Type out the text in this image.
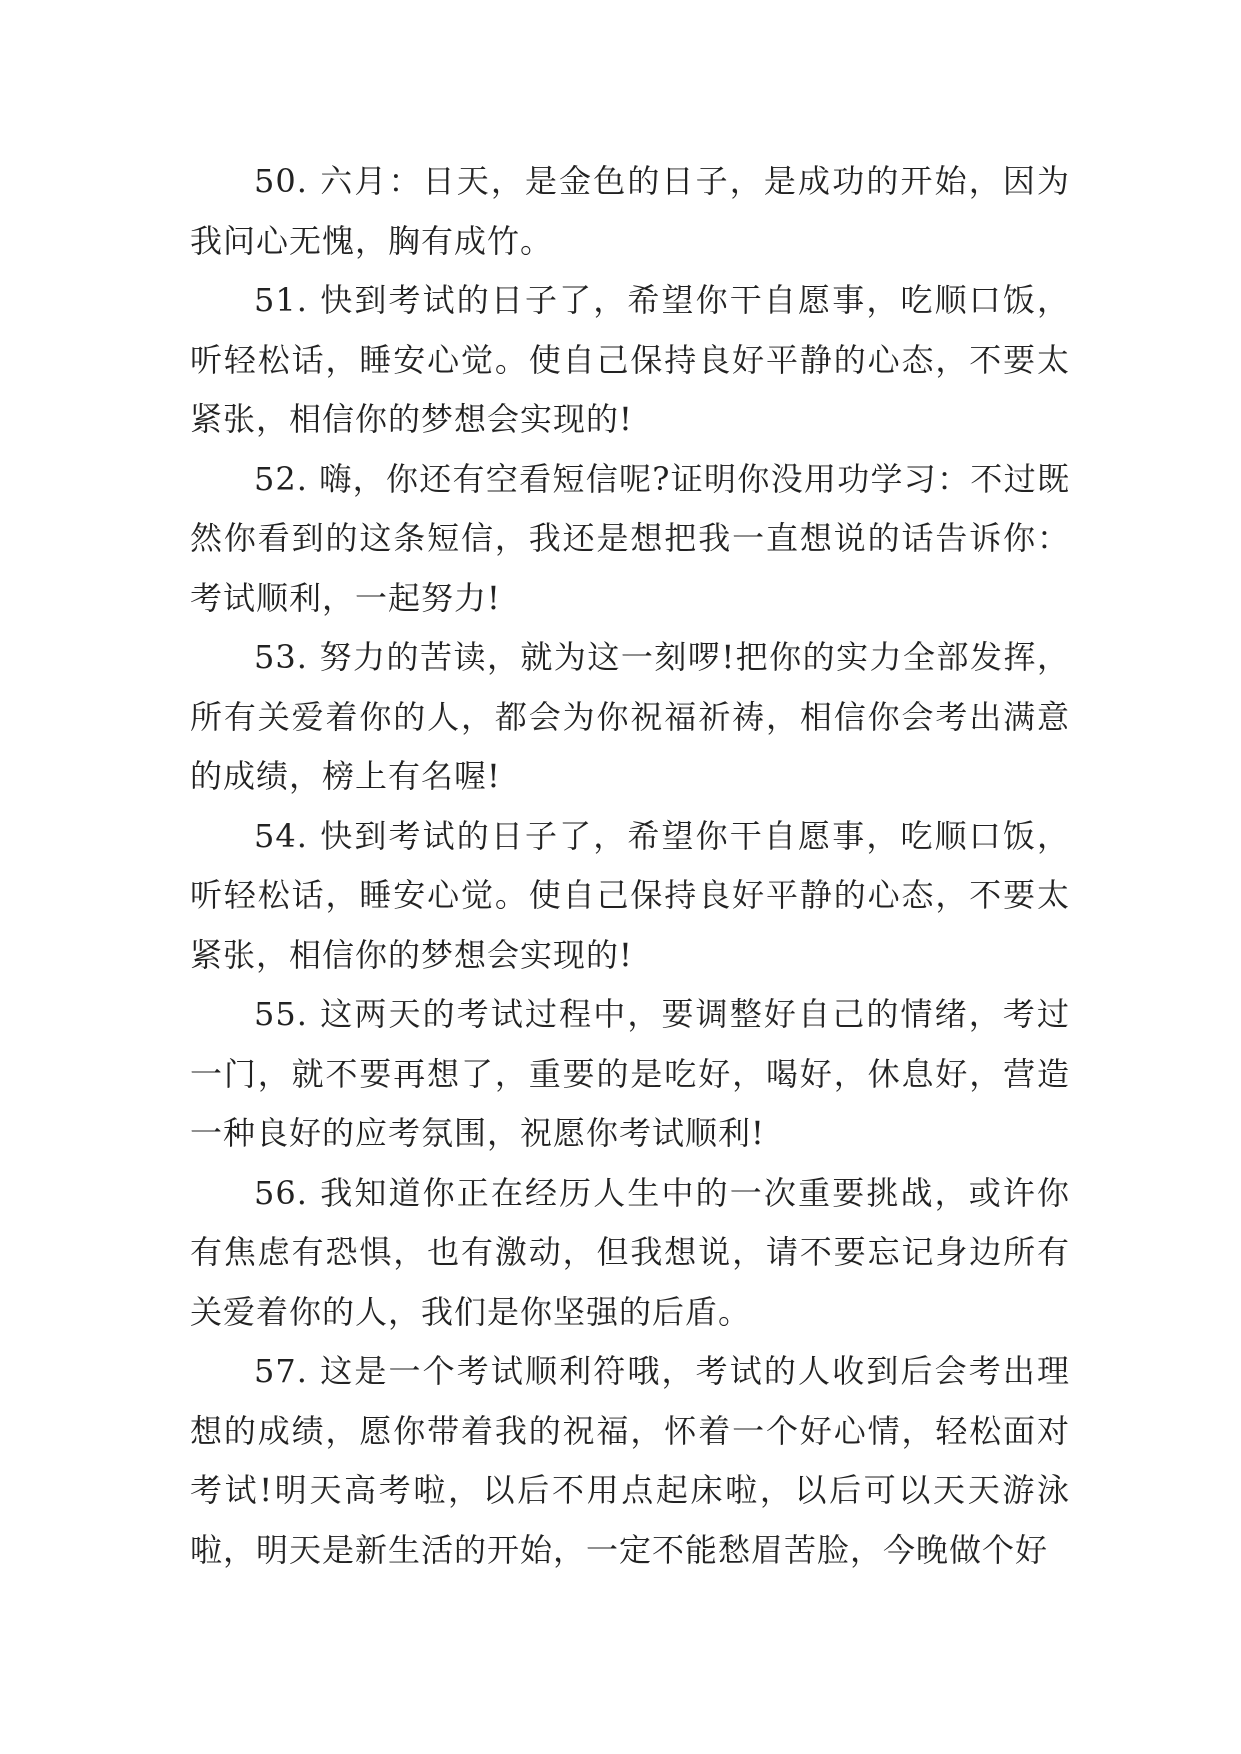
50. 六月：日天，是金色的日子，是成功的开始，因为我问心无愧，胸有成竹。

51. 快到考试的日子了，希望你干自愿事，吃顺口饭，听轻松话，睡安心觉。使自己保持良好平静的心态，不要太紧张，相信你的梦想会实现的!

52. 嗨，你还有空看短信呢?证明你没用功学习：不过既然你看到的这条短信，我还是想把我一直想说的话告诉你：考试顺利，一起努力!

53. 努力的苦读，就为这一刻啰!把你的实力全部发挥，所有关爱着你的人，都会为你祝福祈祷，相信你会考出满意的成绩，榜上有名喔!

54. 快到考试的日子了，希望你干自愿事，吃顺口饭，听轻松话，睡安心觉。使自己保持良好平静的心态，不要太紧张，相信你的梦想会实现的!

55. 这两天的考试过程中，要调整好自己的情绪，考过一门，就不要再想了，重要的是吃好，喝好，休息好，营造一种良好的应考氛围，祝愿你考试顺利!

56. 我知道你正在经历人生中的一次重要挑战，或许你有焦虑有恐惧，也有激动，但我想说，请不要忘记身边所有关爱着你的人，我们是你坚强的后盾。

57. 这是一个考试顺利符哦，考试的人收到后会考出理想的成绩，愿你带着我的祝福，怀着一个好心情，轻松面对考试!明天高考啦，以后不用点起床啦，以后可以天天游泳啦，明天是新生活的开始，一定不能愁眉苦脸，今晚做个好
